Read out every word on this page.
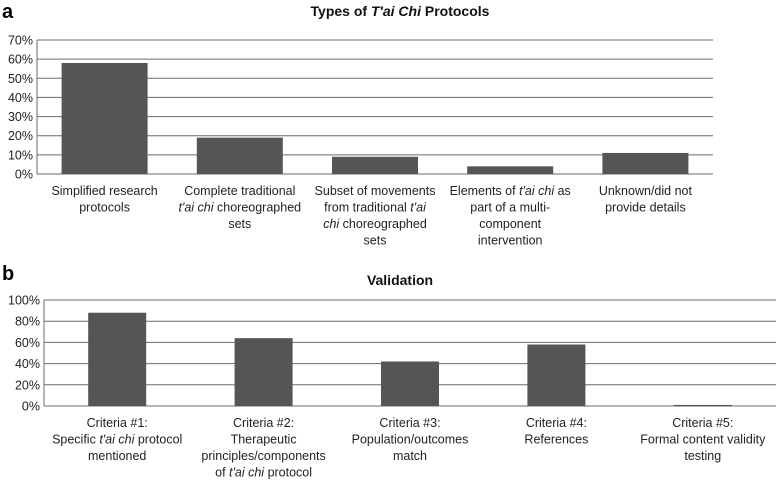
a	Types of T'ai Chi Protocols
0%
10%
20%
30%
40%
50%
60%
70%
Simplified research protocols
Complete traditional t'ai chi choreographed sets
Subset of movements from traditional t'ai chi choreographed sets
Elements of t'ai chi as part of a multi-component intervention
Unknown/did not provide details
b	Validation
0%
20%
40%
60%
80%
100%
Criteria #1: Specific t'ai chi protocol mentioned
Criteria #2: Therapeutic principles/components of t'ai chi protocol
Criteria #3: Population/outcomes match
Criteria #4: References
Criteria #5: Formal content validity testing
